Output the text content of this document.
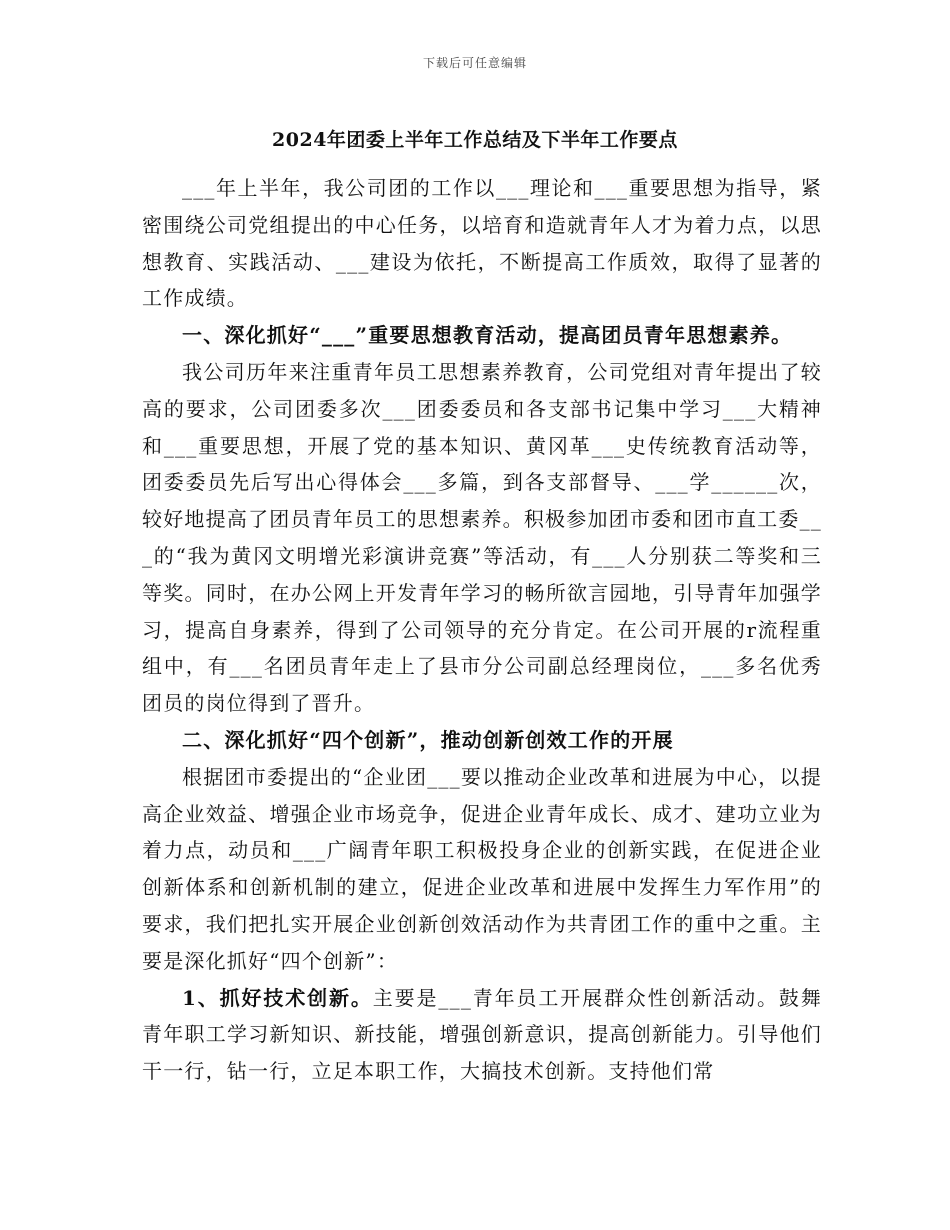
下载后可任意编辑
2024年团委上半年工作总结及下半年工作要点

___年上半年，我公司团的工作以___理论和___重要思想为指导，紧密围绕公司党组提出的中心任务，以培育和造就青年人才为着力点，以思想教育、实践活动、___建设为依托，不断提高工作质效，取得了显著的工作成绩。

一、深化抓好“___”重要思想教育活动，提高团员青年思想素养。

我公司历年来注重青年员工思想素养教育，公司党组对青年提出了较高的要求，公司团委多次___团委委员和各支部书记集中学习___大精神和___重要思想，开展了党的基本知识、黄冈革___史传统教育活动等，团委委员先后写出心得体会___多篇，到各支部督导、___学______次，较好地提高了团员青年员工的思想素养。积极参加团市委和团市直工委___的“我为黄冈文明增光彩演讲竞赛”等活动，有___人分别获二等奖和三等奖。同时，在办公网上开发青年学习的畅所欲言园地，引导青年加强学习，提高自身素养，得到了公司领导的充分肯定。在公司开展的r流程重组中，有___名团员青年走上了县市分公司副总经理岗位，___多名优秀团员的岗位得到了晋升。

二、深化抓好“四个创新”，推动创新创效工作的开展

根据团市委提出的“企业团___要以推动企业改革和进展为中心，以提高企业效益、增强企业市场竞争，促进企业青年成长、成才、建功立业为着力点，动员和___广阔青年职工积极投身企业的创新实践，在促进企业创新体系和创新机制的建立，促进企业改革和进展中发挥生力军作用”的要求，我们把扎实开展企业创新创效活动作为共青团工作的重中之重。主要是深化抓好“四个创新”：

1、抓好技术创新。主要是___青年员工开展群众性创新活动。鼓舞青年职工学习新知识、新技能，增强创新意识，提高创新能力。引导他们干一行，钻一行，立足本职工作，大搞技术创新。支持他们常
